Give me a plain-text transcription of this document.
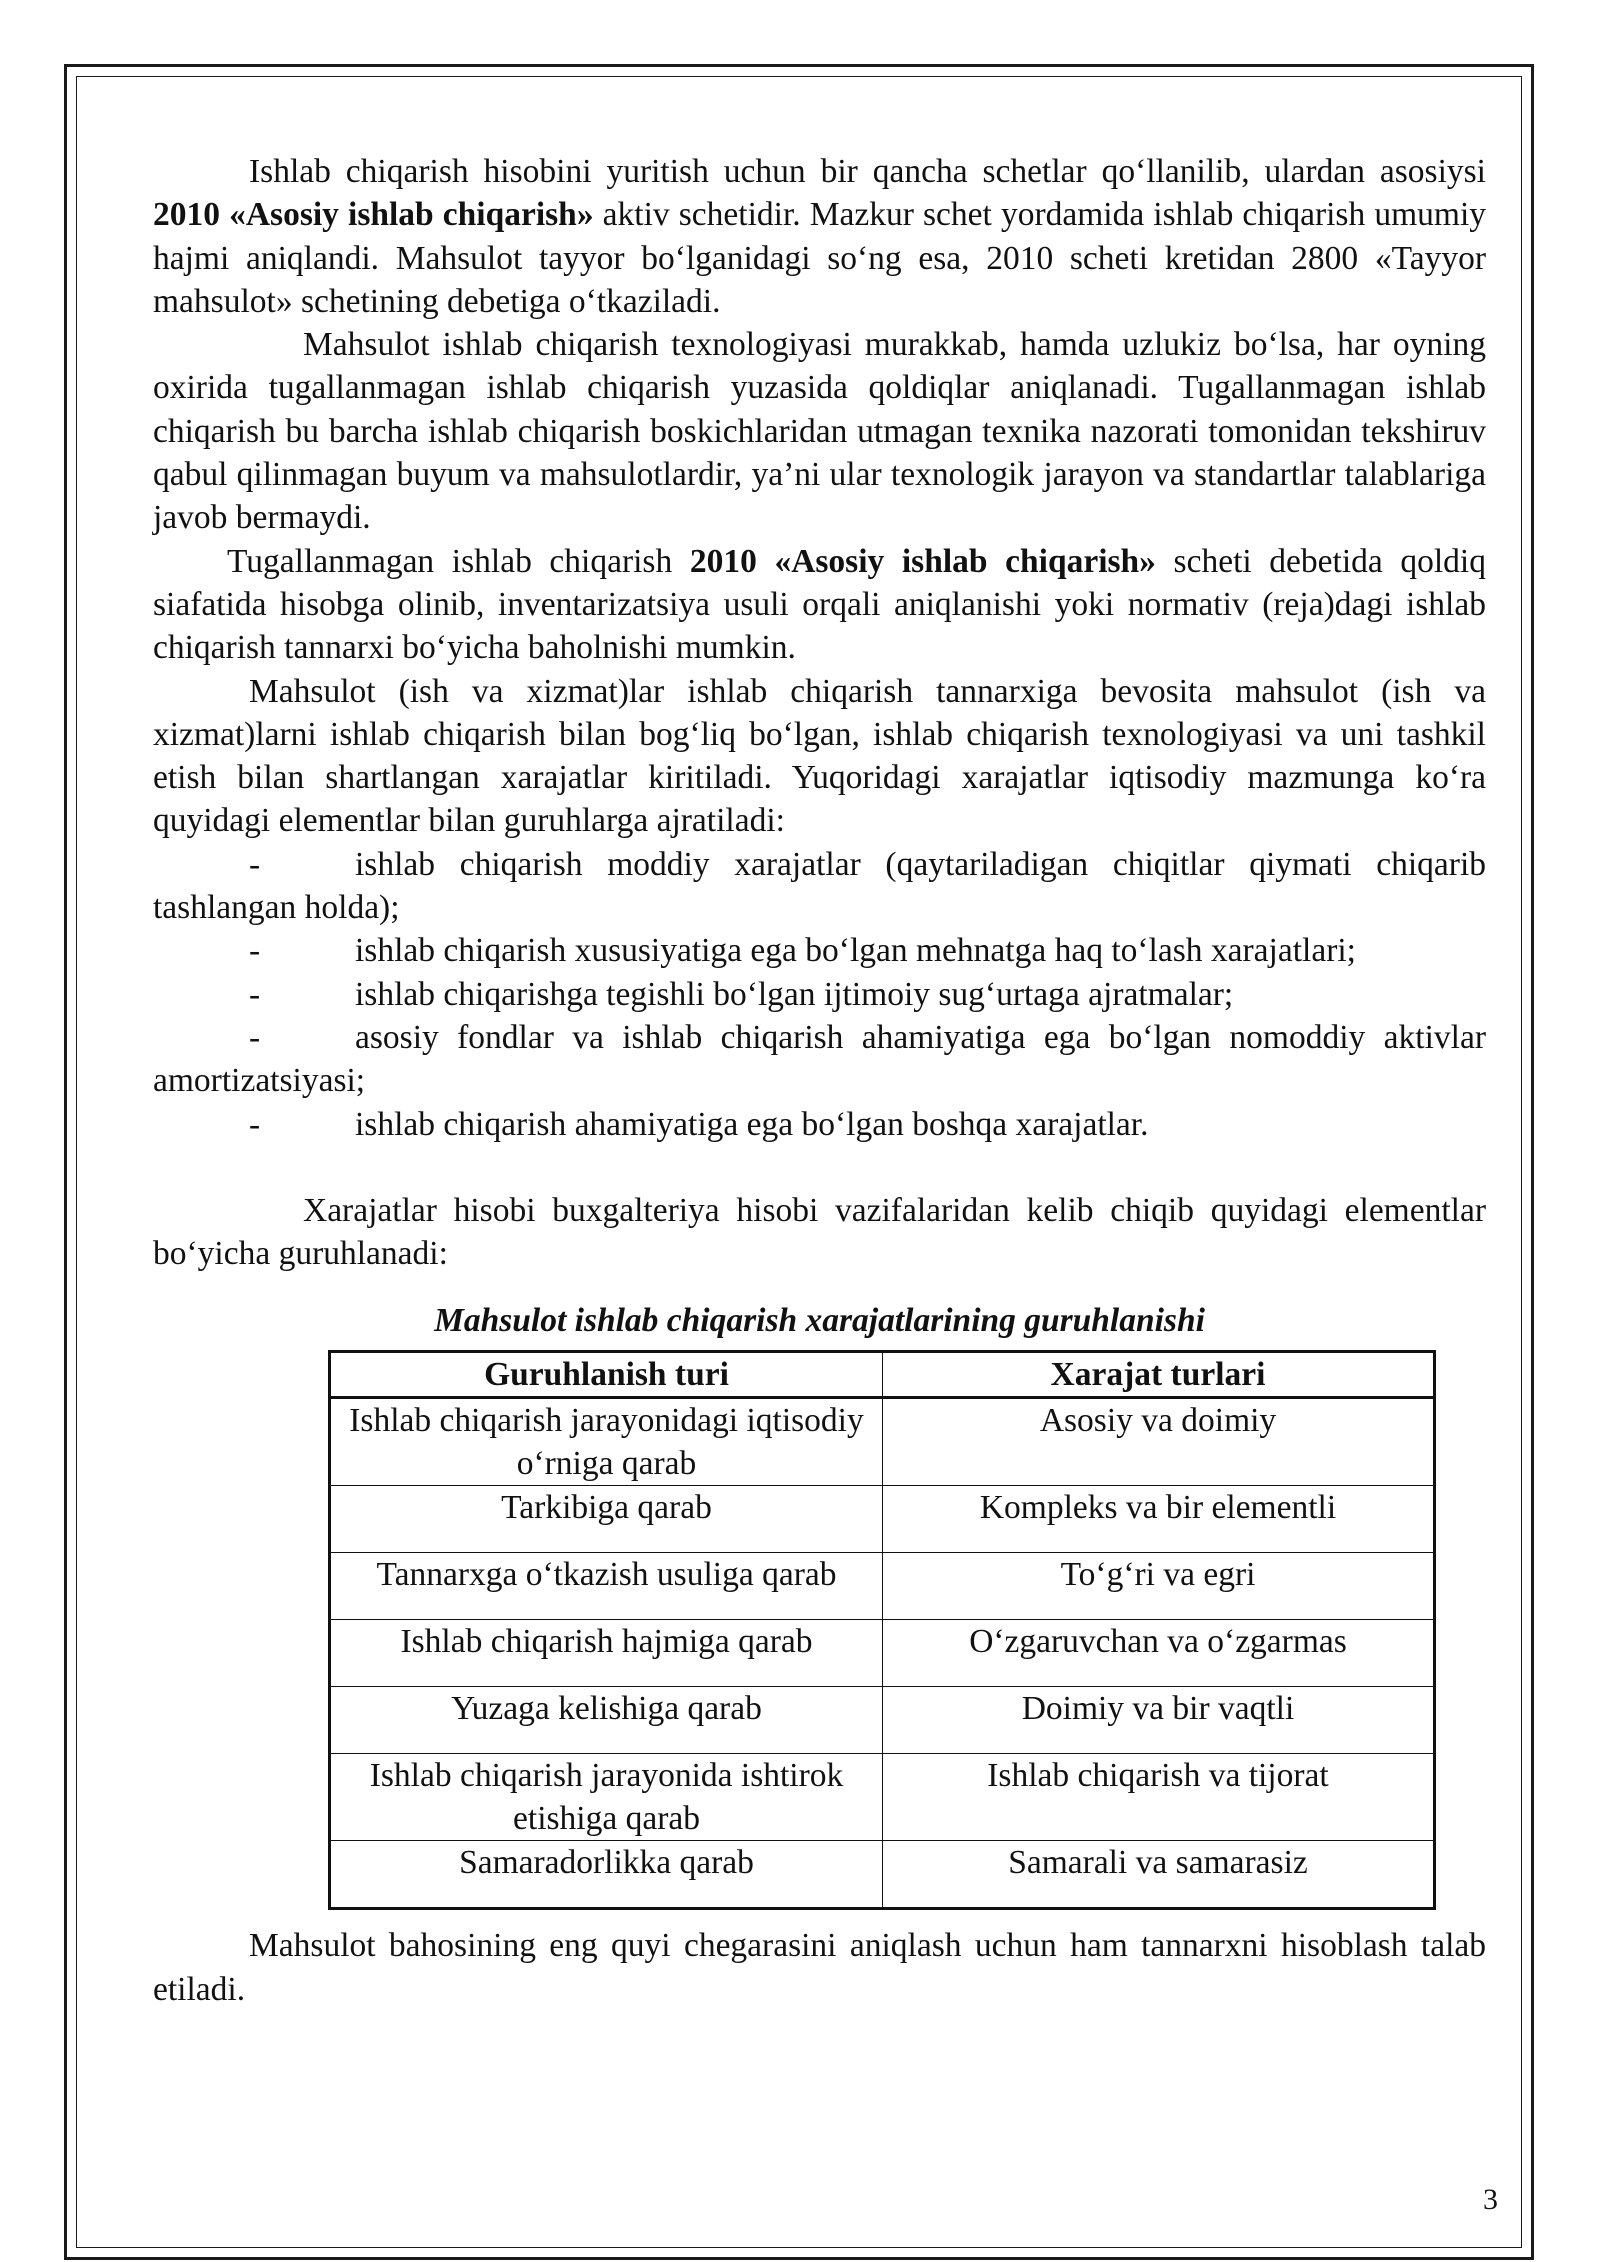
Ishlab chiqarish hisobini yuritish uchun bir qancha schetlar qo‘llanilib, ulardan asosiysi 2010 «Asosiy ishlab chiqarish» aktiv schetidir. Mazkur schet yordamida ishlab chiqarish umumiy hajmi aniqlandi. Mahsulot tayyor bo‘lganidagi so‘ng esa, 2010 scheti kretidan 2800 «Tayyor mahsulot» schetining debetiga o‘tkaziladi.

Mahsulot ishlab chiqarish texnologiyasi murakkab, hamda uzlukiz bo‘lsa, har oyning oxirida tugallanmagan ishlab chiqarish yuzasida qoldiqlar aniqlanadi. Tugallanmagan ishlab chiqarish bu barcha ishlab chiqarish boskichlaridan utmagan texnika nazorati tomonidan tekshiruv qabul qilinmagan buyum va mahsulotlardir, ya’ni ular texnologik jarayon va standartlar talablariga javob bermaydi.

Tugallanmagan ishlab chiqarish 2010 «Asosiy ishlab chiqarish» scheti debetida qoldiq siafatida hisobga olinib, inventarizatsiya usuli orqali aniqlanishi yoki normativ (reja)dagi ishlab chiqarish tannarxi bo‘yicha baholnishi mumkin.

Mahsulot (ish va xizmat)lar ishlab chiqarish tannarxiga bevosita mahsulot (ish va xizmat)larni ishlab chiqarish bilan bog‘liq bo‘lgan, ishlab chiqarish texnologiyasi va uni tashkil etish bilan shartlangan xarajatlar kiritiladi. Yuqoridagi xarajatlar iqtisodiy mazmunga ko‘ra quyidagi elementlar bilan guruhlarga ajratiladi:

-	ishlab chiqarish moddiy xarajatlar (qaytariladigan chiqitlar qiymati chiqarib tashlangan holda);

-	ishlab chiqarish xususiyatiga ega bo‘lgan mehnatga haq to‘lash xarajatlari;

-	ishlab chiqarishga tegishli bo‘lgan ijtimoiy sug‘urtaga ajratmalar;

-	asosiy fondlar va ishlab chiqarish ahamiyatiga ega bo‘lgan nomoddiy aktivlar amortizatsiyasi;

-	ishlab chiqarish ahamiyatiga ega bo‘lgan boshqa xarajatlar.

Xarajatlar hisobi buxgalteriya hisobi vazifalaridan kelib chiqib quyidagi elementlar bo‘yicha guruhlanadi:

Mahsulot ishlab chiqarish xarajatlarining guruhlanishi
Guruhlanish turi	Xarajat turlari
Ishlab chiqarish jarayonidagi iqtisodiy o‘rniga qarab	Asosiy va doimiy
Tarkibiga qarab	Kompleks va bir elementli
Tannarxga o‘tkazish usuliga qarab	To‘g‘ri va egri
Ishlab chiqarish hajmiga qarab	O‘zgaruvchan va o‘zgarmas
Yuzaga kelishiga qarab	Doimiy va bir vaqtli
Ishlab chiqarish jarayonida ishtirok etishiga qarab	Ishlab chiqarish va tijorat
Samaradorlikka qarab	Samarali va samarasiz

Mahsulot bahosining eng quyi chegarasini aniqlash uchun ham tannarxni hisoblash talab etiladi.

3
